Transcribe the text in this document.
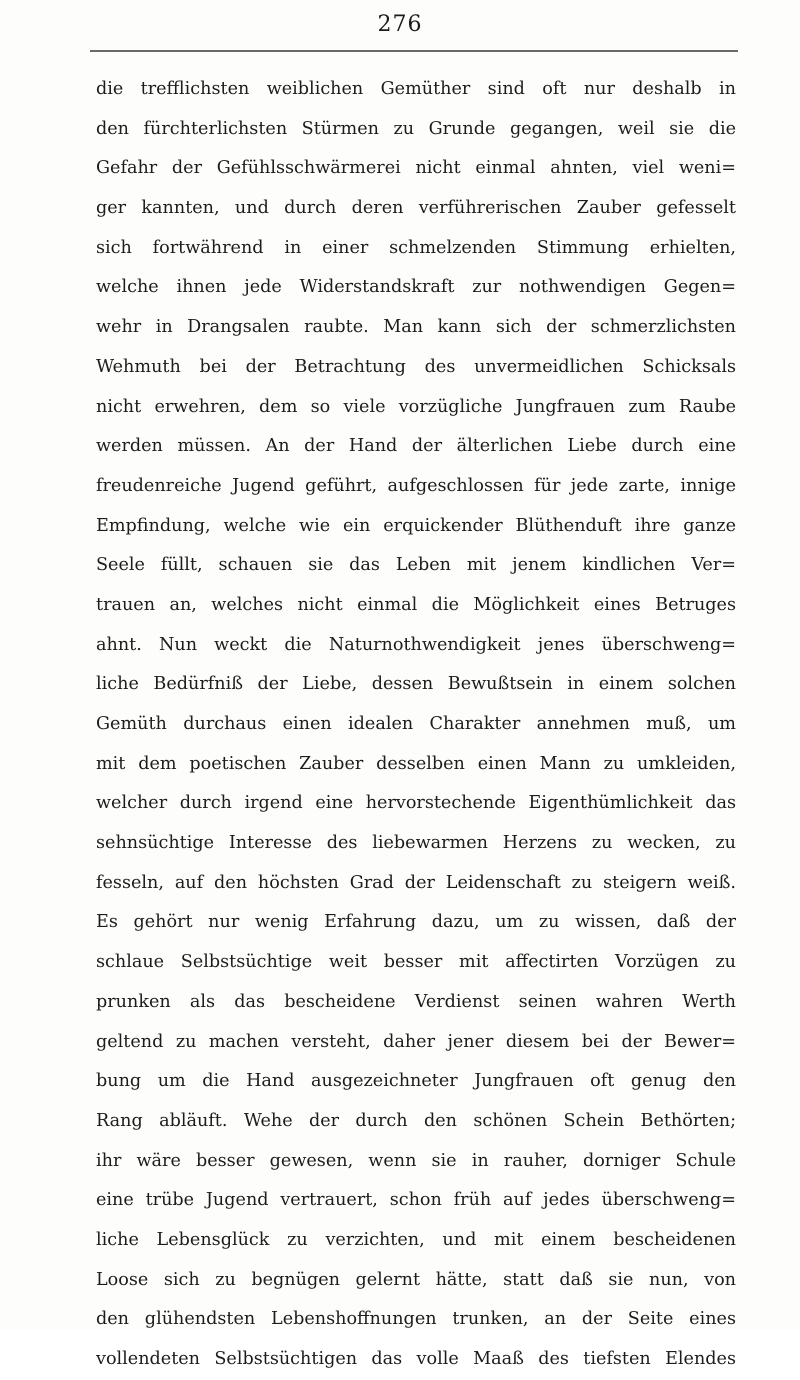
276
die trefflichsten weiblichen Gemüther sind oft nur deshalb in
den fürchterlichsten Stürmen zu Grunde gegangen, weil sie die
Gefahr der Gefühlsschwärmerei nicht einmal ahnten, viel weni=
ger kannten, und durch deren verführerischen Zauber gefesselt
sich fortwährend in einer schmelzenden Stimmung erhielten,
welche ihnen jede Widerstandskraft zur nothwendigen Gegen=
wehr in Drangsalen raubte. Man kann sich der schmerzlichsten
Wehmuth bei der Betrachtung des unvermeidlichen Schicksals
nicht erwehren, dem so viele vorzügliche Jungfrauen zum Raube
werden müssen. An der Hand der älterlichen Liebe durch eine
freudenreiche Jugend geführt, aufgeschlossen für jede zarte, innige
Empfindung, welche wie ein erquickender Blüthenduft ihre ganze
Seele füllt, schauen sie das Leben mit jenem kindlichen Ver=
trauen an, welches nicht einmal die Möglichkeit eines Betruges
ahnt. Nun weckt die Naturnothwendigkeit jenes überschweng=
liche Bedürfniß der Liebe, dessen Bewußtsein in einem solchen
Gemüth durchaus einen idealen Charakter annehmen muß, um
mit dem poetischen Zauber desselben einen Mann zu umkleiden,
welcher durch irgend eine hervorstechende Eigenthümlichkeit das
sehnsüchtige Interesse des liebewarmen Herzens zu wecken, zu
fesseln, auf den höchsten Grad der Leidenschaft zu steigern weiß.
Es gehört nur wenig Erfahrung dazu, um zu wissen, daß der
schlaue Selbstsüchtige weit besser mit affectirten Vorzügen zu
prunken als das bescheidene Verdienst seinen wahren Werth
geltend zu machen versteht, daher jener diesem bei der Bewer=
bung um die Hand ausgezeichneter Jungfrauen oft genug den
Rang abläuft. Wehe der durch den schönen Schein Bethörten;
ihr wäre besser gewesen, wenn sie in rauher, dorniger Schule
eine trübe Jugend vertrauert, schon früh auf jedes überschweng=
liche Lebensglück zu verzichten, und mit einem bescheidenen
Loose sich zu begnügen gelernt hätte, statt daß sie nun, von
den glühendsten Lebenshoffnungen trunken, an der Seite eines
vollendeten Selbstsüchtigen das volle Maaß des tiefsten Elendes
